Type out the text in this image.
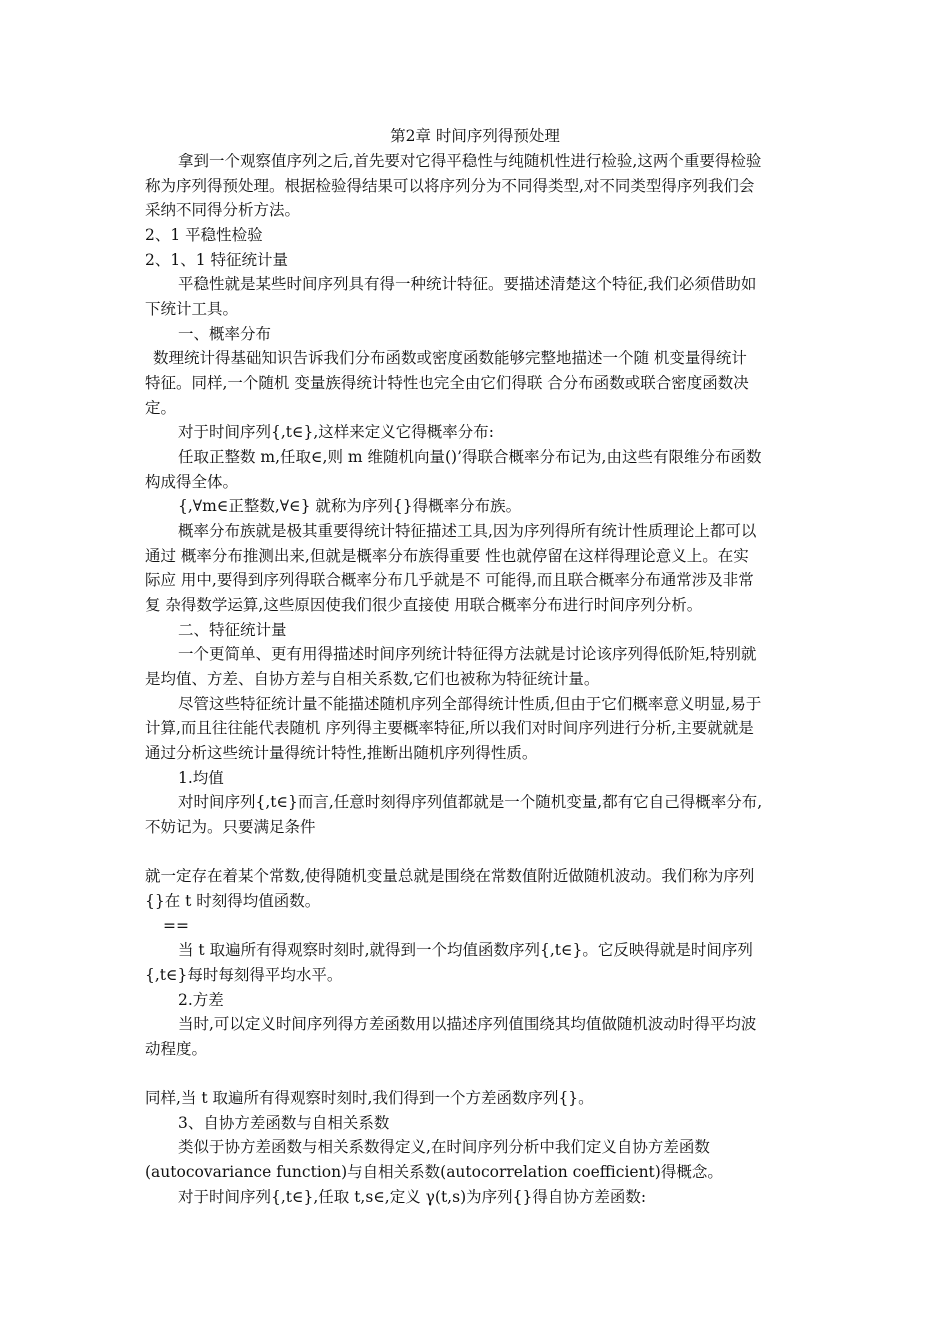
第2章 时间序列得预处理
拿到一个观察值序列之后,首先要对它得平稳性与纯随机性进行检验,这两个重要得检验
称为序列得预处理。根据检验得结果可以将序列分为不同得类型,对不同类型得序列我们会
采纳不同得分析方法。
2、1 平稳性检验
2、1、1 特征统计量
平稳性就是某些时间序列具有得一种统计特征。要描述清楚这个特征,我们必须借助如
下统计工具。
一、概率分布
数理统计得基础知识告诉我们分布函数或密度函数能够完整地描述一个随 机变量得统计
特征。同样,一个随机 变量族得统计特性也完全由它们得联 合分布函数或联合密度函数决
定。
对于时间序列{,t∈},这样来定义它得概率分布:
任取正整数 m,任取∈,则 m 维随机向量()’得联合概率分布记为,由这些有限维分布函数
构成得全体。
{,∀m∈正整数,∀∈} 就称为序列{}得概率分布族。
概率分布族就是极其重要得统计特征描述工具,因为序列得所有统计性质理论上都可以
通过 概率分布推测出来,但就是概率分布族得重要 性也就停留在这样得理论意义上。在实
际应 用中,要得到序列得联合概率分布几乎就是不 可能得,而且联合概率分布通常涉及非常
复 杂得数学运算,这些原因使我们很少直接使 用联合概率分布进行时间序列分析。
二、特征统计量
一个更简单、更有用得描述时间序列统计特征得方法就是讨论该序列得低阶矩,特别就
是均值、方差、自协方差与自相关系数,它们也被称为特征统计量。
尽管这些特征统计量不能描述随机序列全部得统计性质,但由于它们概率意义明显,易于
计算,而且往往能代表随机 序列得主要概率特征,所以我们对时间序列进行分析,主要就就是
通过分析这些统计量得统计特性,推断出随机序列得性质。
1.均值
对时间序列{,t∈}而言,任意时刻得序列值都就是一个随机变量,都有它自己得概率分布,
不妨记为。只要满足条件
就一定存在着某个常数,使得随机变量总就是围绕在常数值附近做随机波动。我们称为序列
{}在 t 时刻得均值函数。
==
当 t 取遍所有得观察时刻时,就得到一个均值函数序列{,t∈}。它反映得就是时间序列
{,t∈}每时每刻得平均水平。
2.方差
当时,可以定义时间序列得方差函数用以描述序列值围绕其均值做随机波动时得平均波
动程度。
同样,当 t 取遍所有得观察时刻时,我们得到一个方差函数序列{}。
3、自协方差函数与自相关系数
类似于协方差函数与相关系数得定义,在时间序列分析中我们定义自协方差函数
(autocovariance function)与自相关系数(autocorrelation coefficient)得概念。
对于时间序列{,t∈},任取 t,s∈,定义 γ(t,s)为序列{}得自协方差函数:
